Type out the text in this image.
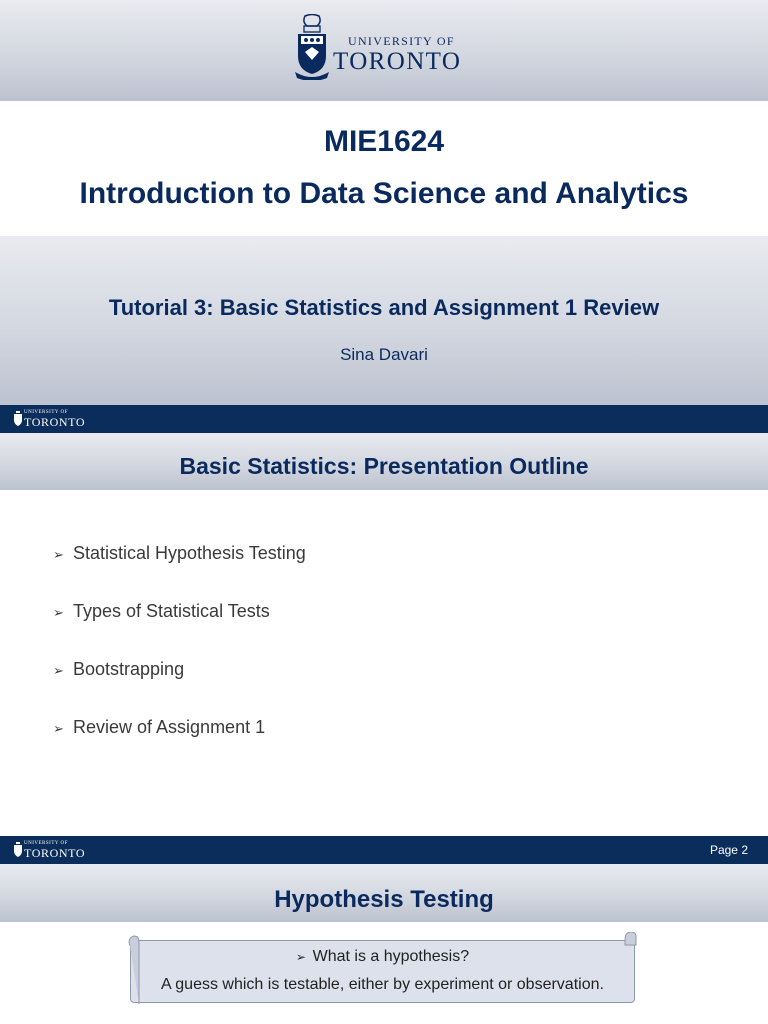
UNIVERSITY OF
TORONTO
MIE1624
Introduction to Data Science and Analytics
Tutorial 3: Basic Statistics and Assignment 1 Review
Sina Davari
UNIVERSITY OF
TORONTO
Basic Statistics: Presentation Outline
➢ Statistical Hypothesis Testing
➢ Types of Statistical Tests
➢ Bootstrapping
➢ Review of Assignment 1
UNIVERSITY OF
TORONTO	Page 2
Hypothesis Testing
➢  What is a hypothesis?
A guess which is testable, either by experiment or observation.
